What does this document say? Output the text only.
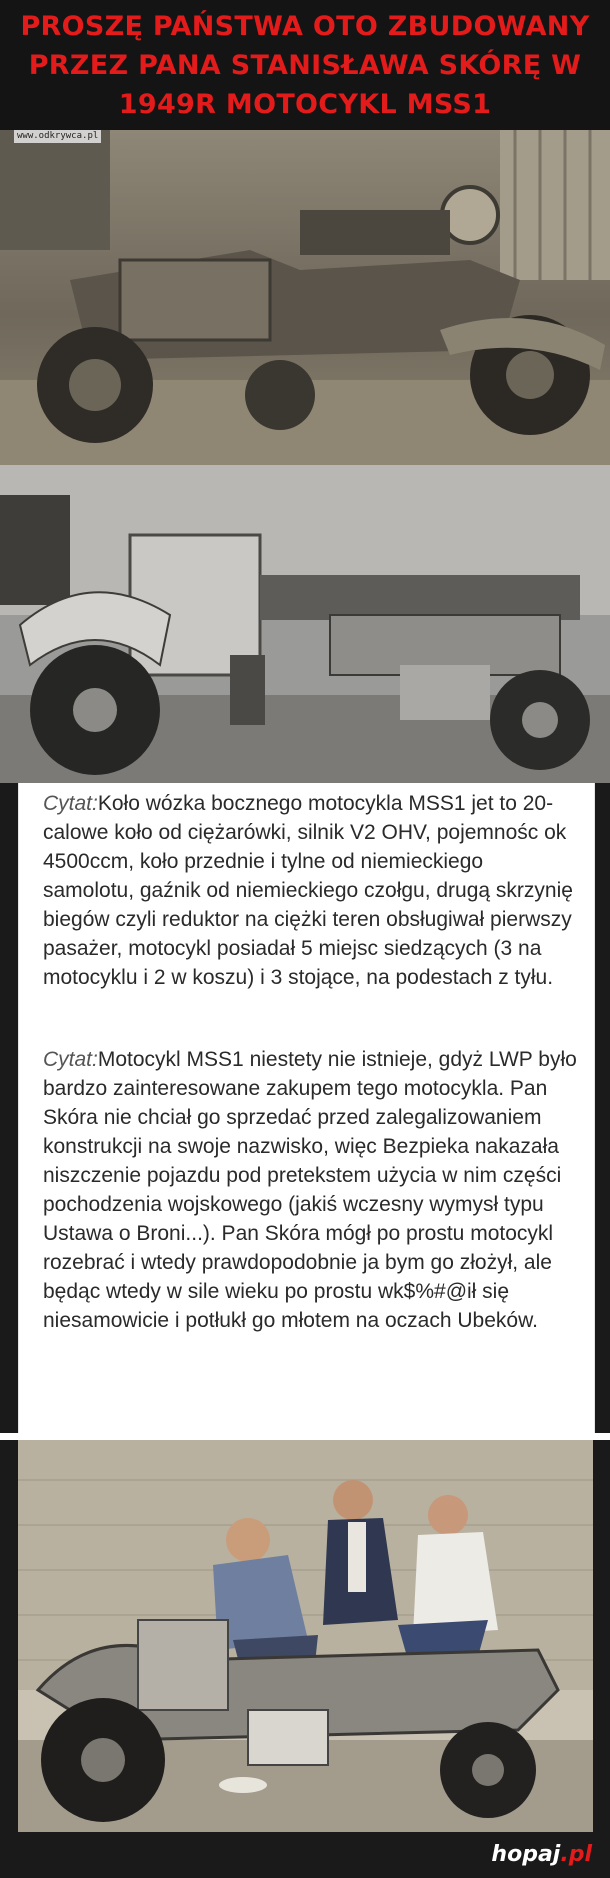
PROSZĘ PAŃSTWA OTO ZBUDOWANY
PRZEZ PANA STANISŁAWA SKÓRĘ W
1949R MOTOCYKL MSS1
www.odkrywca.pl
Cytat:Koło wózka bocznego motocykla MSS1 jet to 20-calowe koło od ciężarówki, silnik V2 OHV, pojemnośc ok 4500ccm, koło przednie i tylne od niemieckiego samolotu, gaźnik od niemieckiego czołgu, drugą skrzynię biegów czyli reduktor na ciężki teren obsługiwał pierwszy pasażer, motocykl posiadał 5 miejsc siedzących (3 na motocyklu i 2 w koszu) i 3 stojące, na podestach z tyłu.
Cytat:Motocykl MSS1 niestety nie istnieje, gdyż LWP było bardzo zainteresowane zakupem tego motocykla. Pan Skóra nie chciał go sprzedać przed zalegalizowaniem konstrukcji na swoje nazwisko, więc Bezpieka nakazała niszczenie pojazdu pod pretekstem użycia w nim części pochodzenia wojskowego (jakiś wczesny wymysł typu Ustawa o Broni...). Pan Skóra mógł po prostu motocykl rozebrać i wtedy prawdopodobnie ja bym go złożył, ale będąc wtedy w sile wieku po prostu wk$%#@ił się niesamowicie i potłukł go młotem na oczach Ubeków.
hopaj.pl
